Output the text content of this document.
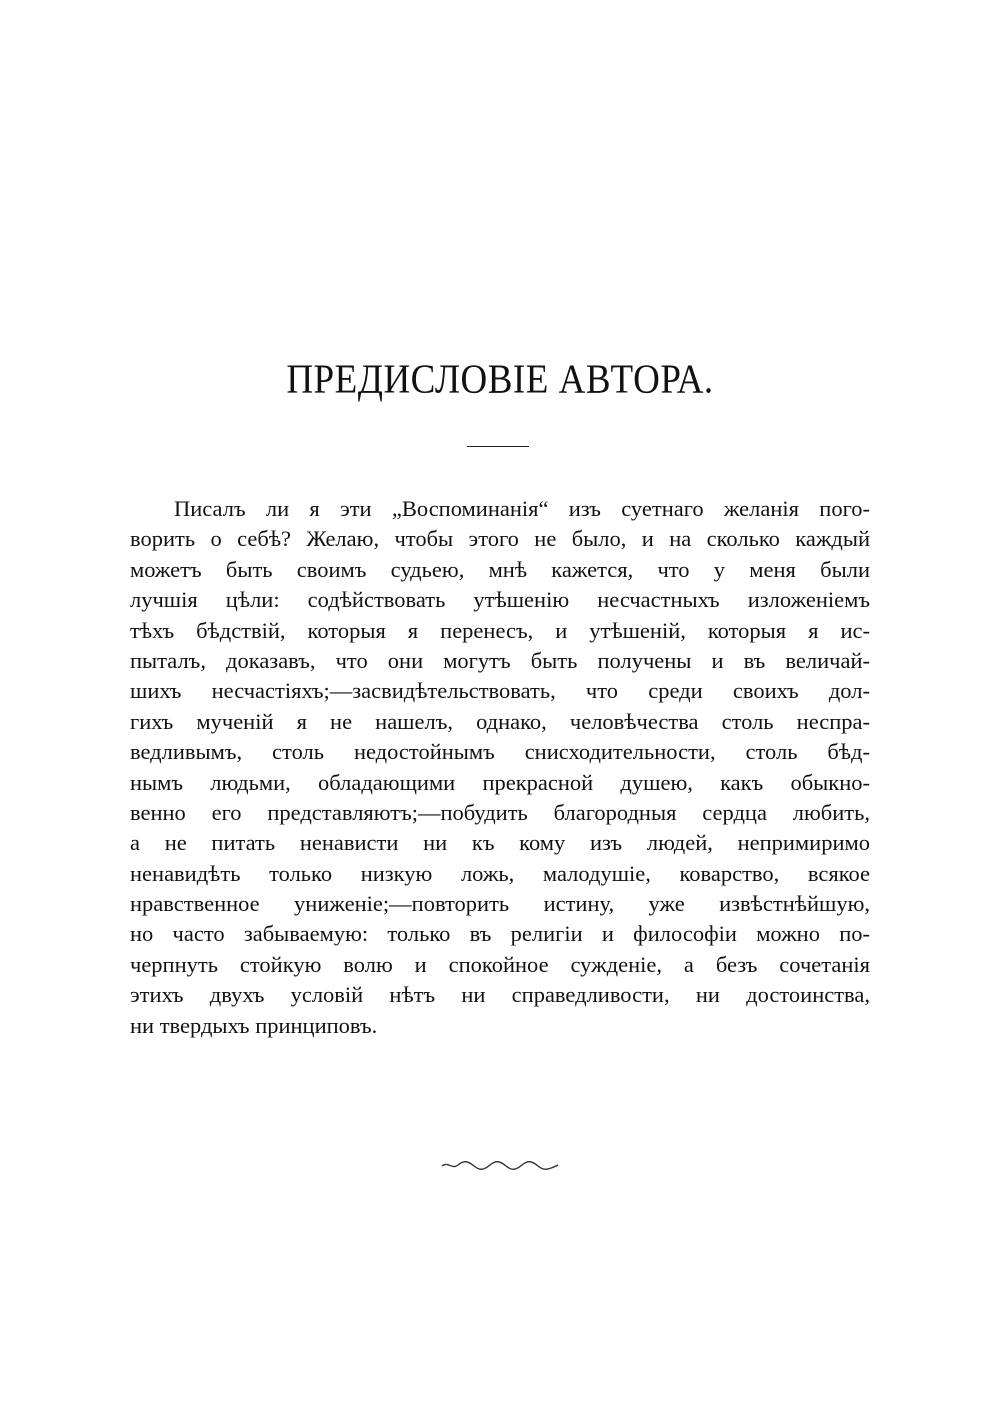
ПРЕДИСЛОВІЕ АВТОРА.
Писалъ ли я эти „Воспоминанія“ изъ суетнаго желанія пого-
ворить о себѣ? Желаю, чтобы этого не было, и на сколько каждый
можетъ быть своимъ судьею, мнѣ кажется, что у меня были
лучшія цѣли: содѣйствовать утѣшенію несчастныхъ изложеніемъ
тѣхъ бѣдствій, которыя я перенесъ, и утѣшеній, которыя я ис-
пыталъ, доказавъ, что они могутъ быть получены и въ величай-
шихъ несчастіяхъ;—засвидѣтельствовать, что среди своихъ дол-
гихъ мученій я не нашелъ, однако, человѣчества столь неспра-
ведливымъ, столь недостойнымъ снисходительности, столь бѣд-
нымъ людьми, обладающими прекрасной душею, какъ обыкно-
венно его представляютъ;—побудить благородныя сердца любить,
а не питать ненависти ни къ кому изъ людей, непримиримо
ненавидѣть только низкую ложь, малодушіе, коварство, всякое
нравственное униженіе;—повторить истину, уже извѣстнѣйшую,
но часто забываемую: только въ религіи и философіи можно по-
черпнуть стойкую волю и спокойное сужденіе, а безъ сочетанія
этихъ двухъ условій нѣтъ ни справедливости, ни достоинства,
ни твердыхъ принциповъ.
